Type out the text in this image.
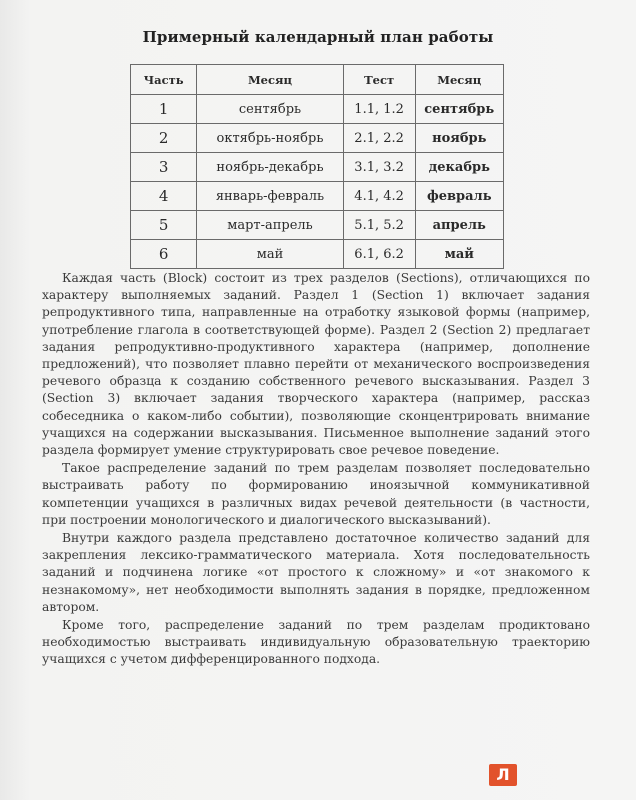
Примерный календарный план работы
Часть	Месяц	Тест	Месяц
1	сентябрь	1.1, 1.2	сентябрь
2	октябрь-ноябрь	2.1, 2.2	ноябрь
3	ноябрь-декабрь	3.1, 3.2	декабрь
4	январь-февраль	4.1, 4.2	февраль
5	март-апрель	5.1, 5.2	апрель
6	май	6.1, 6.2	май

Каждая часть (Block) состоит из трех разделов (Sections), отличающихся по характеру выполняемых заданий. Раздел 1 (Section 1) включает задания репродуктивного типа, направленные на отработку языковой формы (например, употребление глагола в соответствующей форме). Раздел 2 (Section 2) предлагает задания репродуктивно-продуктивного характера (например, дополнение предложений), что позволяет плавно перейти от механического воспроизведения речевого образца к созданию собственного речевого высказывания. Раздел 3 (Section 3) включает задания творческого характера (например, рассказ собеседника о каком-либо событии), позволяющие сконцентрировать внимание учащихся на содержании высказывания. Письменное выполнение заданий этого раздела формирует умение структурировать свое речевое поведение.

Такое распределение заданий по трем разделам позволяет последовательно выстраивать работу по формированию иноязычной коммуникативной компетенции учащихся в различных видах речевой деятельности (в частности, при построении монологического и диалогического высказываний).

Внутри каждого раздела представлено достаточное количество заданий для закрепления лексико-грамматического материала. Хотя последовательность заданий и подчинена логике «от простого к сложному» и «от знакомого к незнакомому», нет необходимости выполнять задания в порядке, предложенном автором.

Кроме того, распределение заданий по трем разделам продиктовано необходимостью выстраивать индивидуальную образовательную траекторию учащихся с учетом дифференцированного подхода.

Л
